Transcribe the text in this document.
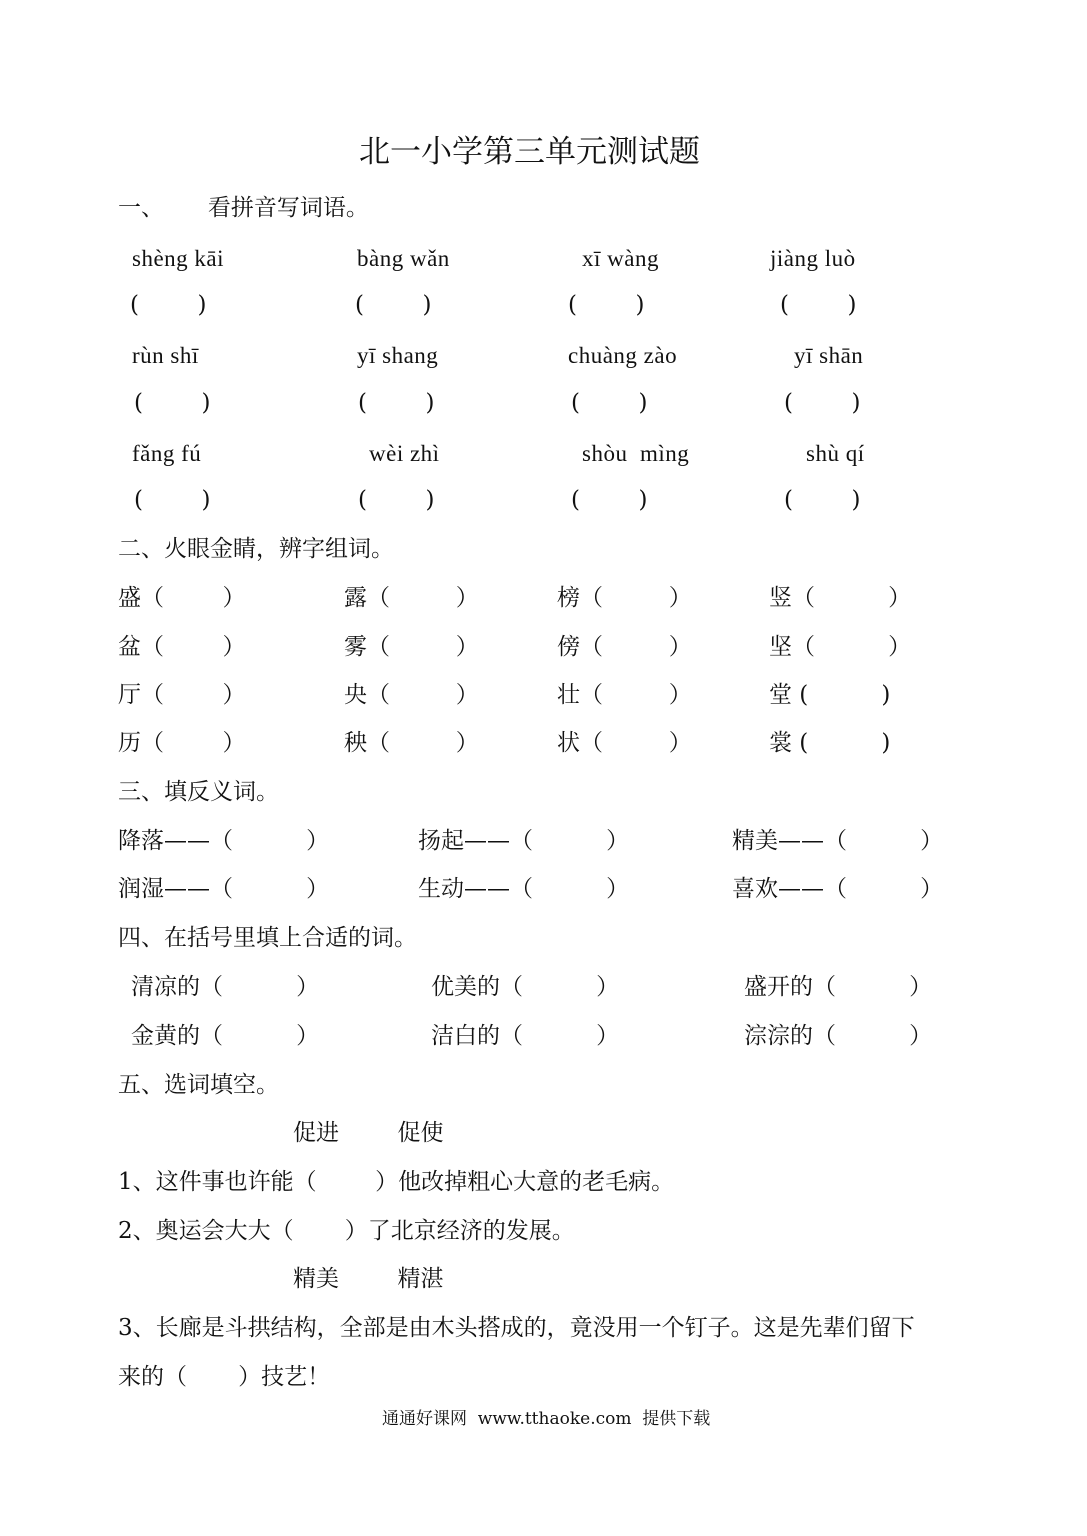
北一小学第三单元测试题
一、      看拼音写词语。
shèng kāi	bàng wǎn	xī wàng	jiàng luò
(        )	(        )	(        )	(        )
rùn shī	yī shang	chuàng zào	yī shān
(        )	(        )	(        )	(        )
fǎng fú	wèi zhì	shòu  mìng	shù qí
(        )	(        )	(        )	(        )
二、火眼金睛，辨字组词。
盛（        ）	露（         ）	榜（         ）	竖（          ）
盆（        ）	雾（         ）	傍（         ）	坚（          ）
厅（        ）	央（         ）	壮（         ）	堂 (          )
历（        ）	秧（         ）	状（         ）	裳 (          )
三、填反义词。
降落——（          ）	扬起——（          ）	精美——（          ）
润湿——（          ）	生动——（          ）	喜欢——（          ）
四、在括号里填上合适的词。
清凉的（          ）	优美的（          ）	盛开的（          ）
金黄的（          ）	洁白的（          ）	淙淙的（          ）
五、选词填空。
促进        促使
1、这件事也许能（        ）他改掉粗心大意的老毛病。
2、奥运会大大（       ）了北京经济的发展。
精美        精湛
3、长廊是斗拱结构，全部是由木头搭成的，竟没用一个钉子。这是先辈们留下
来的（       ）技艺！
通通好课网  www.tthaoke.com  提供下载
